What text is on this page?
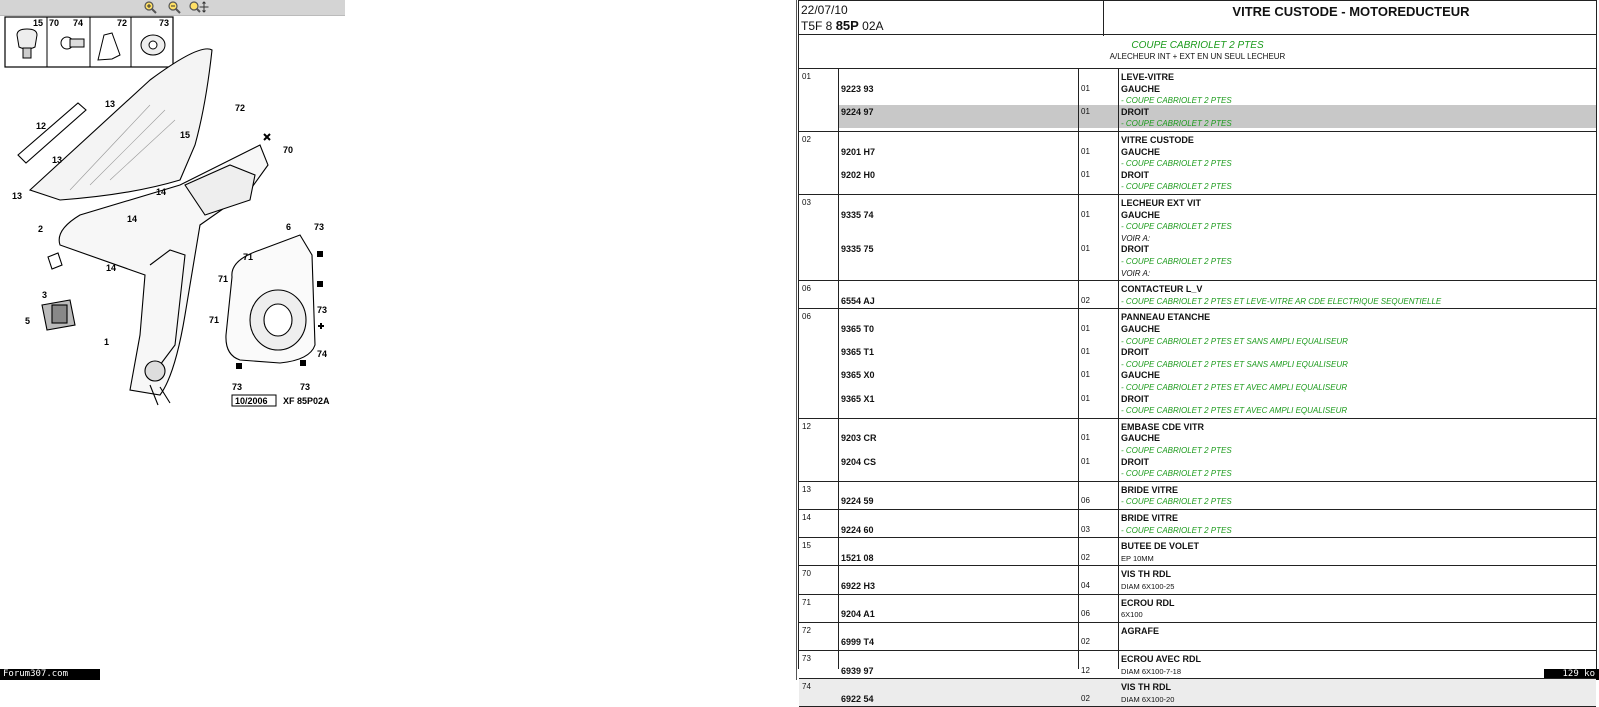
15 70 74	72	73
13
12
13
13
2
15
72
14
14
14
3
5
1
70
6	73
71
71
73
74
73	73
71
10/2006 XF 85P02A
Forum307.com	129 ko
22/07/10
T5F 8 85P 02A
VITRE CUSTODE - MOTOREDUCTEUR
COUPE CABRIOLET 2 PTES
A/LECHEUR INT + EXT EN UN SEUL LECHEUR
01	LEVE-VITRE
9223 93	01	GAUCHE
- COUPE CABRIOLET 2 PTES
9224 97	01	DROIT
- COUPE CABRIOLET 2 PTES
02	VITRE CUSTODE
9201 H7	01	GAUCHE
- COUPE CABRIOLET 2 PTES
9202 H0	01	DROIT
- COUPE CABRIOLET 2 PTES
03	LECHEUR EXT VIT
9335 74	01	GAUCHE
- COUPE CABRIOLET 2 PTES
VOIR A:
9335 75	01	DROIT
- COUPE CABRIOLET 2 PTES
VOIR A:
06	CONTACTEUR L_V
6554 AJ	02	- COUPE CABRIOLET 2 PTES ET LEVE-VITRE AR CDE ELECTRIQUE SEQUENTIELLE
06	PANNEAU ETANCHE
9365 T0	01	GAUCHE
- COUPE CABRIOLET 2 PTES ET SANS AMPLI EQUALISEUR
9365 T1	01	DROIT
- COUPE CABRIOLET 2 PTES ET SANS AMPLI EQUALISEUR
9365 X0	01	GAUCHE
- COUPE CABRIOLET 2 PTES ET AVEC AMPLI EQUALISEUR
9365 X1	01	DROIT
- COUPE CABRIOLET 2 PTES ET AVEC AMPLI EQUALISEUR
12	EMBASE CDE VITR
9203 CR	01	GAUCHE
- COUPE CABRIOLET 2 PTES
9204 CS	01	DROIT
- COUPE CABRIOLET 2 PTES
13	BRIDE VITRE
9224 59	06	- COUPE CABRIOLET 2 PTES
14	BRIDE VITRE
9224 60	03	- COUPE CABRIOLET 2 PTES
15	BUTEE DE VOLET
1521 08	02	EP 10MM
70	VIS TH RDL
6922 H3	04	DIAM 6X100-25
71	ECROU RDL
9204 A1	06	6X100
72	AGRAFE
6999 T4	02
73	ECROU AVEC RDL
6939 97	12	DIAM 6X100-7-18
74	VIS TH RDL
6922 54	02	DIAM 6X100-20
